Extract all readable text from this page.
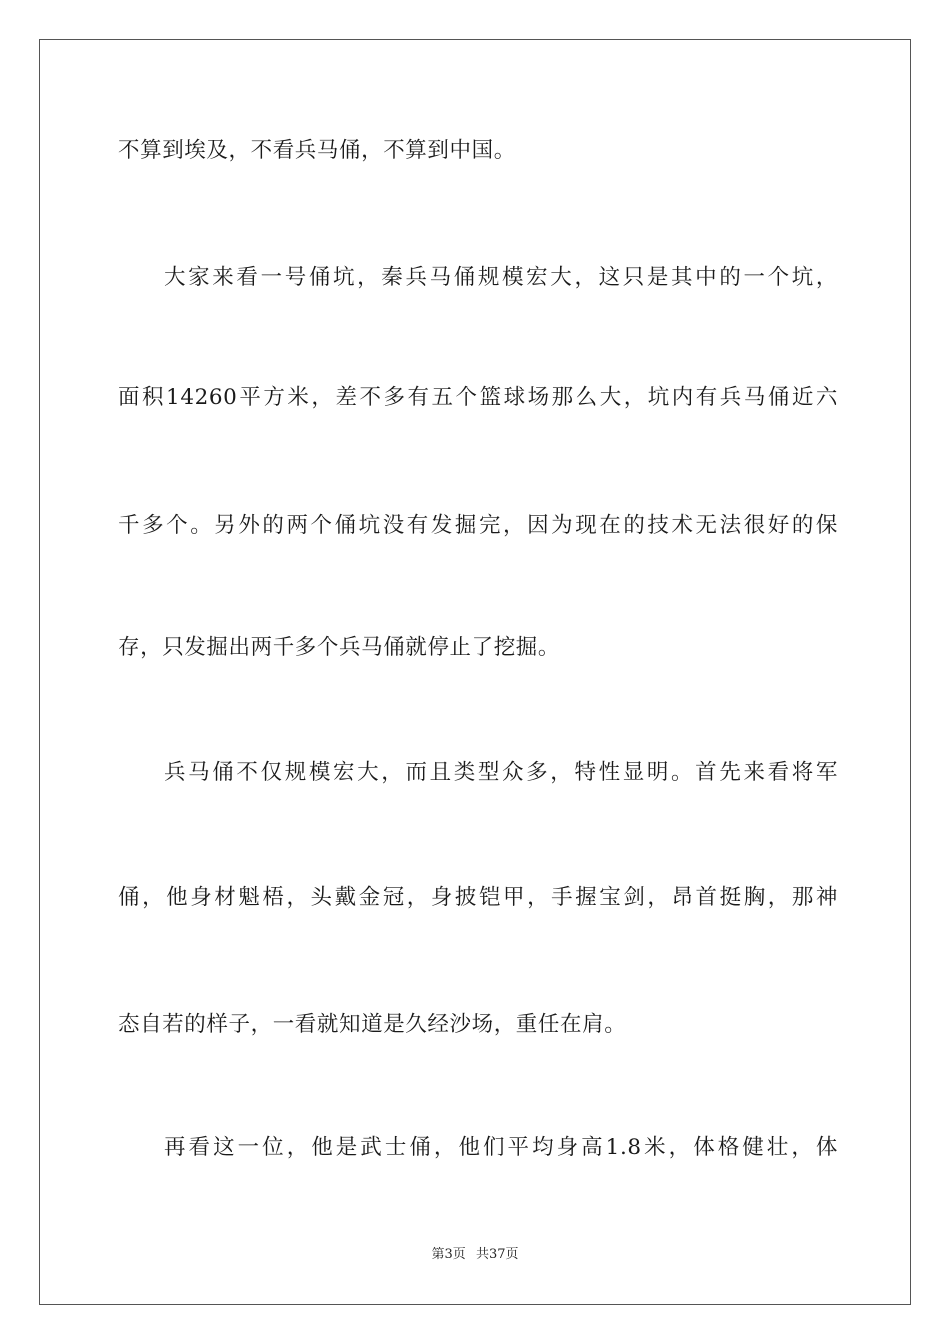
不算到埃及，不看兵马俑，不算到中国。
大家来看一号俑坑，秦兵马俑规模宏大，这只是其中的一个坑，
面积14260平方米，差不多有五个篮球场那么大，坑内有兵马俑近六
千多个。另外的两个俑坑没有发掘完，因为现在的技术无法很好的保
存，只发掘出两千多个兵马俑就停止了挖掘。
兵马俑不仅规模宏大，而且类型众多，特性显明。首先来看将军
俑，他身材魁梧，头戴金冠，身披铠甲，手握宝剑，昂首挺胸，那神
态自若的样子，一看就知道是久经沙场，重任在肩。
再看这一位，他是武士俑，他们平均身高1.8米，体格健壮，体
第3页 共37页
